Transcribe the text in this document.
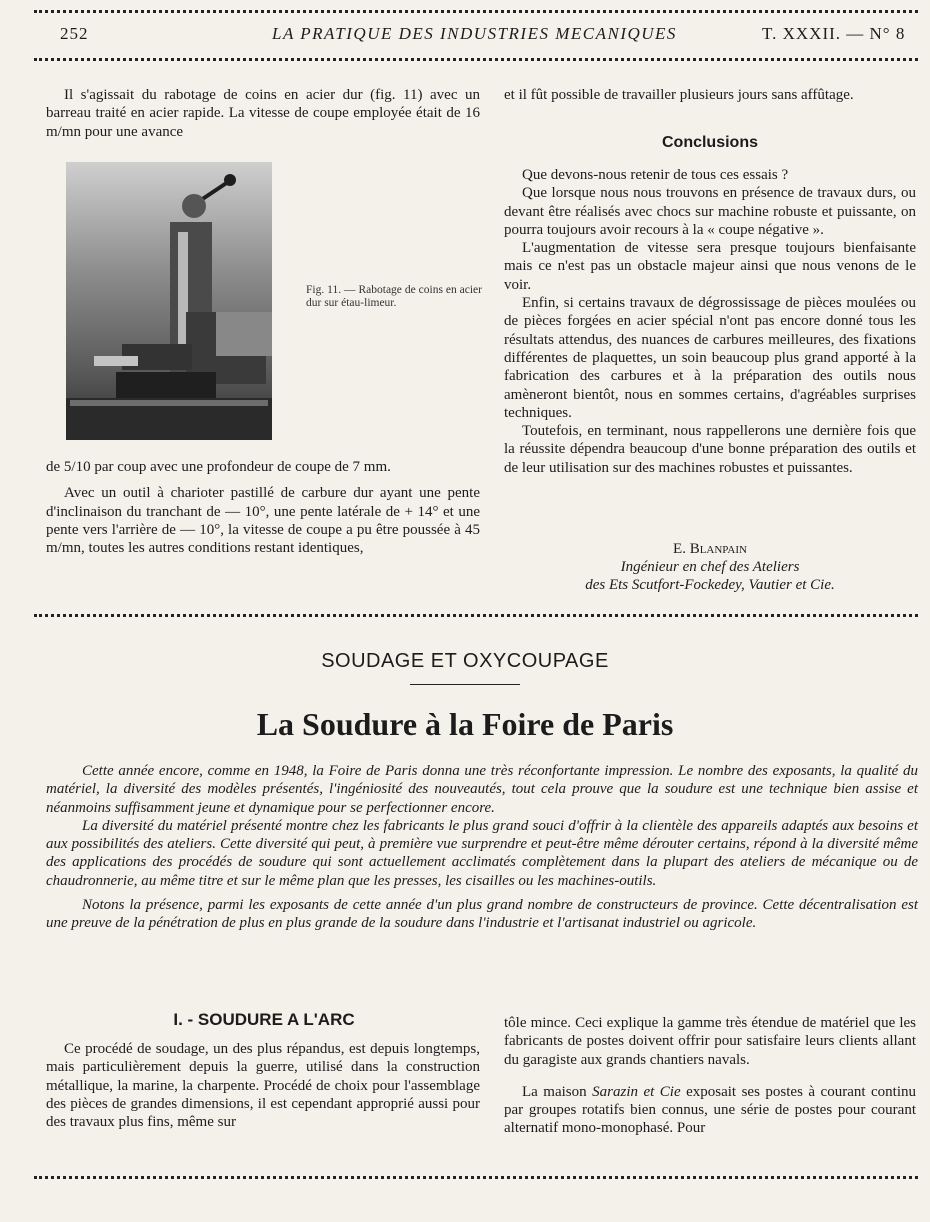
252	LA PRATIQUE DES INDUSTRIES MECANIQUES	T. XXXII. — N° 8

Il s'agissait du rabotage de coins en acier dur (fig. 11) avec un barreau traité en acier rapide. La vitesse de coupe employée était de 16 m/mn pour une avance

Fig. 11. — Rabotage de coins en acier dur sur étau-limeur.

de 5/10 par coup avec une profondeur de coupe de 7 mm.

Avec un outil à charioter pastillé de carbure dur ayant une pente d'inclinaison du tranchant de — 10°, une pente latérale de + 14° et une pente vers l'arrière de — 10°, la vitesse de coupe a pu être poussée à 45 m/mn, toutes les autres conditions restant identiques,

et il fût possible de travailler plusieurs jours sans affûtage.

Conclusions

Que devons-nous retenir de tous ces essais ?

Que lorsque nous nous trouvons en présence de travaux durs, ou devant être réalisés avec chocs sur machine robuste et puissante, on pourra toujours avoir recours à la « coupe négative ».

L'augmentation de vitesse sera presque toujours bienfaisante mais ce n'est pas un obstacle majeur ainsi que nous venons de le voir.

Enfin, si certains travaux de dégrossissage de pièces moulées ou de pièces forgées en acier spécial n'ont pas encore donné tous les résultats attendus, des nuances de carbures meilleures, des fixations différentes de plaquettes, un soin beaucoup plus grand apporté à la fabrication des carbures et à la préparation des outils nous amèneront bientôt, nous en sommes certains, d'agréables surprises techniques.

Toutefois, en terminant, nous rappellerons une dernière fois que la réussite dépendra beaucoup d'une bonne préparation des outils et de leur utilisation sur des machines robustes et puissantes.

E. Blanpain
Ingénieur en chef des Ateliers
des Ets Scutfort-Fockedey, Vautier et Cie.
SOUDAGE ET OXYCOUPAGE
La Soudure à la Foire de Paris

Cette année encore, comme en 1948, la Foire de Paris donna une très réconfortante impression. Le nombre des exposants, la qualité du matériel, la diversité des modèles présentés, l'ingéniosité des nouveautés, tout cela prouve que la soudure est une technique bien assise et néanmoins suffisamment jeune et dynamique pour se perfectionner encore.

La diversité du matériel présenté montre chez les fabricants le plus grand souci d'offrir à la clientèle des appareils adaptés aux besoins et aux possibilités des ateliers. Cette diversité qui peut, à première vue surprendre et peut-être même dérouter certains, répond à la diversité même des applications des procédés de soudure qui sont actuellement acclimatés complètement dans la plupart des ateliers de mécanique ou de chaudronnerie, au même titre et sur le même plan que les presses, les cisailles ou les machines-outils.

Notons la présence, parmi les exposants de cette année d'un plus grand nombre de constructeurs de province. Cette décentralisation est une preuve de la pénétration de plus en plus grande de la soudure dans l'industrie et l'artisanat industriel ou agricole.

I. - SOUDURE A L'ARC

Ce procédé de soudage, un des plus répandus, est depuis longtemps, mais particulièrement depuis la guerre, utilisé dans la construction métallique, la marine, la charpente. Procédé de choix pour l'assemblage des pièces de grandes dimensions, il est cependant approprié aussi pour des travaux plus fins, même sur

tôle mince. Ceci explique la gamme très étendue de matériel que les fabricants de postes doivent offrir pour satisfaire leurs clients allant du garagiste aux grands chantiers navals.

La maison Sarazin et Cie exposait ses postes à courant continu par groupes rotatifs bien connus, une série de postes pour courant alternatif mono-monophasé. Pour
